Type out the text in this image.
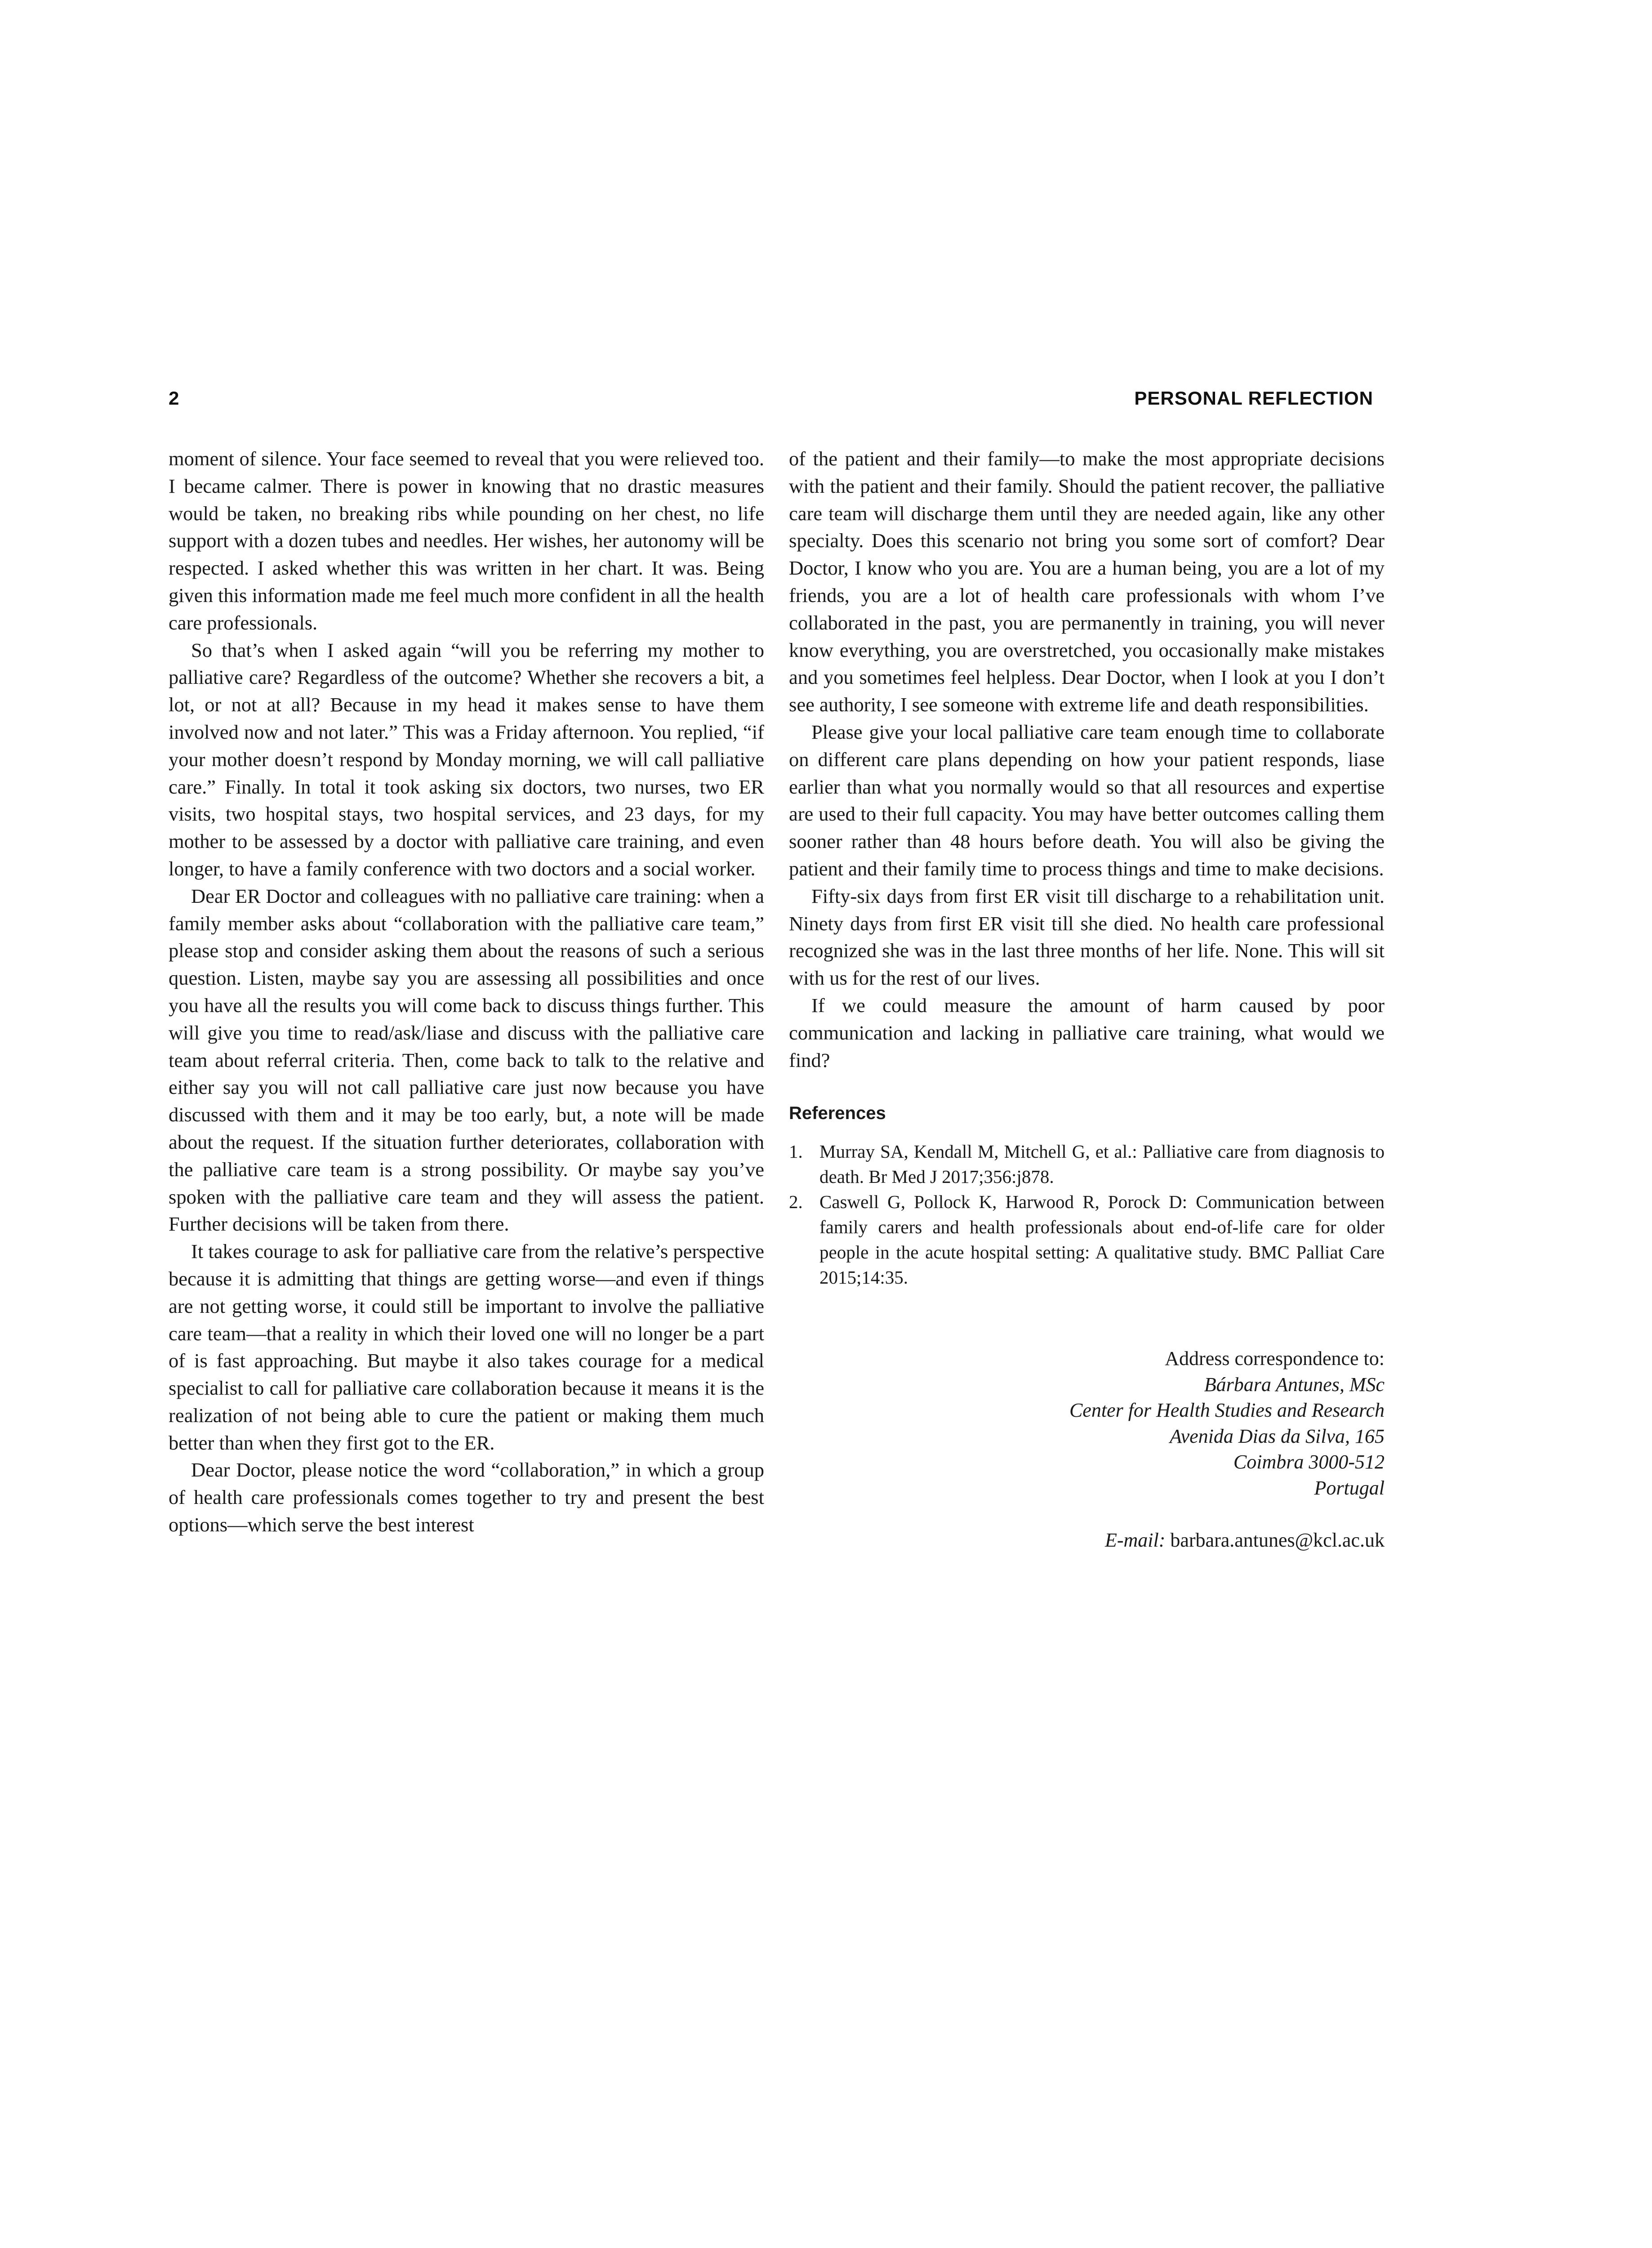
2	PERSONAL REFLECTION

moment of silence. Your face seemed to reveal that you were relieved too. I became calmer. There is power in knowing that no drastic measures would be taken, no breaking ribs while pounding on her chest, no life support with a dozen tubes and needles. Her wishes, her autonomy will be respected. I asked whether this was written in her chart. It was. Being given this information made me feel much more confident in all the health care professionals.

So that’s when I asked again “will you be referring my mother to palliative care? Regardless of the outcome? Whether she recovers a bit, a lot, or not at all? Because in my head it makes sense to have them involved now and not later.” This was a Friday afternoon. You replied, “if your mother doesn’t respond by Monday morning, we will call palliative care.” Finally. In total it took asking six doctors, two nurses, two ER visits, two hospital stays, two hospital services, and 23 days, for my mother to be assessed by a doctor with palliative care training, and even longer, to have a family conference with two doctors and a social worker.

Dear ER Doctor and colleagues with no palliative care training: when a family member asks about “collaboration with the palliative care team,” please stop and consider asking them about the reasons of such a serious question. Listen, maybe say you are assessing all possibilities and once you have all the results you will come back to discuss things further. This will give you time to read/ask/liase and discuss with the palliative care team about referral criteria. Then, come back to talk to the relative and either say you will not call palliative care just now because you have discussed with them and it may be too early, but, a note will be made about the request. If the situation further deteriorates, collaboration with the palliative care team is a strong possibility. Or maybe say you’ve spoken with the palliative care team and they will assess the patient. Further decisions will be taken from there.

It takes courage to ask for palliative care from the relative’s perspective because it is admitting that things are getting worse—and even if things are not getting worse, it could still be important to involve the palliative care team—that a reality in which their loved one will no longer be a part of is fast approaching. But maybe it also takes courage for a medical specialist to call for palliative care collaboration because it means it is the realization of not being able to cure the patient or making them much better than when they first got to the ER.

Dear Doctor, please notice the word “collaboration,” in which a group of health care professionals comes together to try and present the best options—which serve the best interest

of the patient and their family—to make the most appropriate decisions with the patient and their family. Should the patient recover, the palliative care team will discharge them until they are needed again, like any other specialty. Does this scenario not bring you some sort of comfort? Dear Doctor, I know who you are. You are a human being, you are a lot of my friends, you are a lot of health care professionals with whom I’ve collaborated in the past, you are permanently in training, you will never know everything, you are overstretched, you occasionally make mistakes and you sometimes feel helpless. Dear Doctor, when I look at you I don’t see authority, I see someone with extreme life and death responsibilities.

Please give your local palliative care team enough time to collaborate on different care plans depending on how your patient responds, liase earlier than what you normally would so that all resources and expertise are used to their full capacity. You may have better outcomes calling them sooner rather than 48 hours before death. You will also be giving the patient and their family time to process things and time to make decisions.

Fifty-six days from first ER visit till discharge to a rehabilitation unit. Ninety days from first ER visit till she died. No health care professional recognized she was in the last three months of her life. None. This will sit with us for the rest of our lives.

If we could measure the amount of harm caused by poor communication and lacking in palliative care training, what would we find?

References
1. Murray SA, Kendall M, Mitchell G, et al.: Palliative care from diagnosis to death. Br Med J 2017;356:j878.
2. Caswell G, Pollock K, Harwood R, Porock D: Communication between family carers and health professionals about end-of-life care for older people in the acute hospital setting: A qualitative study. BMC Palliat Care 2015;14:35.
Address correspondence to:
Bárbara Antunes, MSc
Center for Health Studies and Research
Avenida Dias da Silva, 165
Coimbra 3000-512
Portugal
E-mail: barbara.antunes@kcl.ac.uk
